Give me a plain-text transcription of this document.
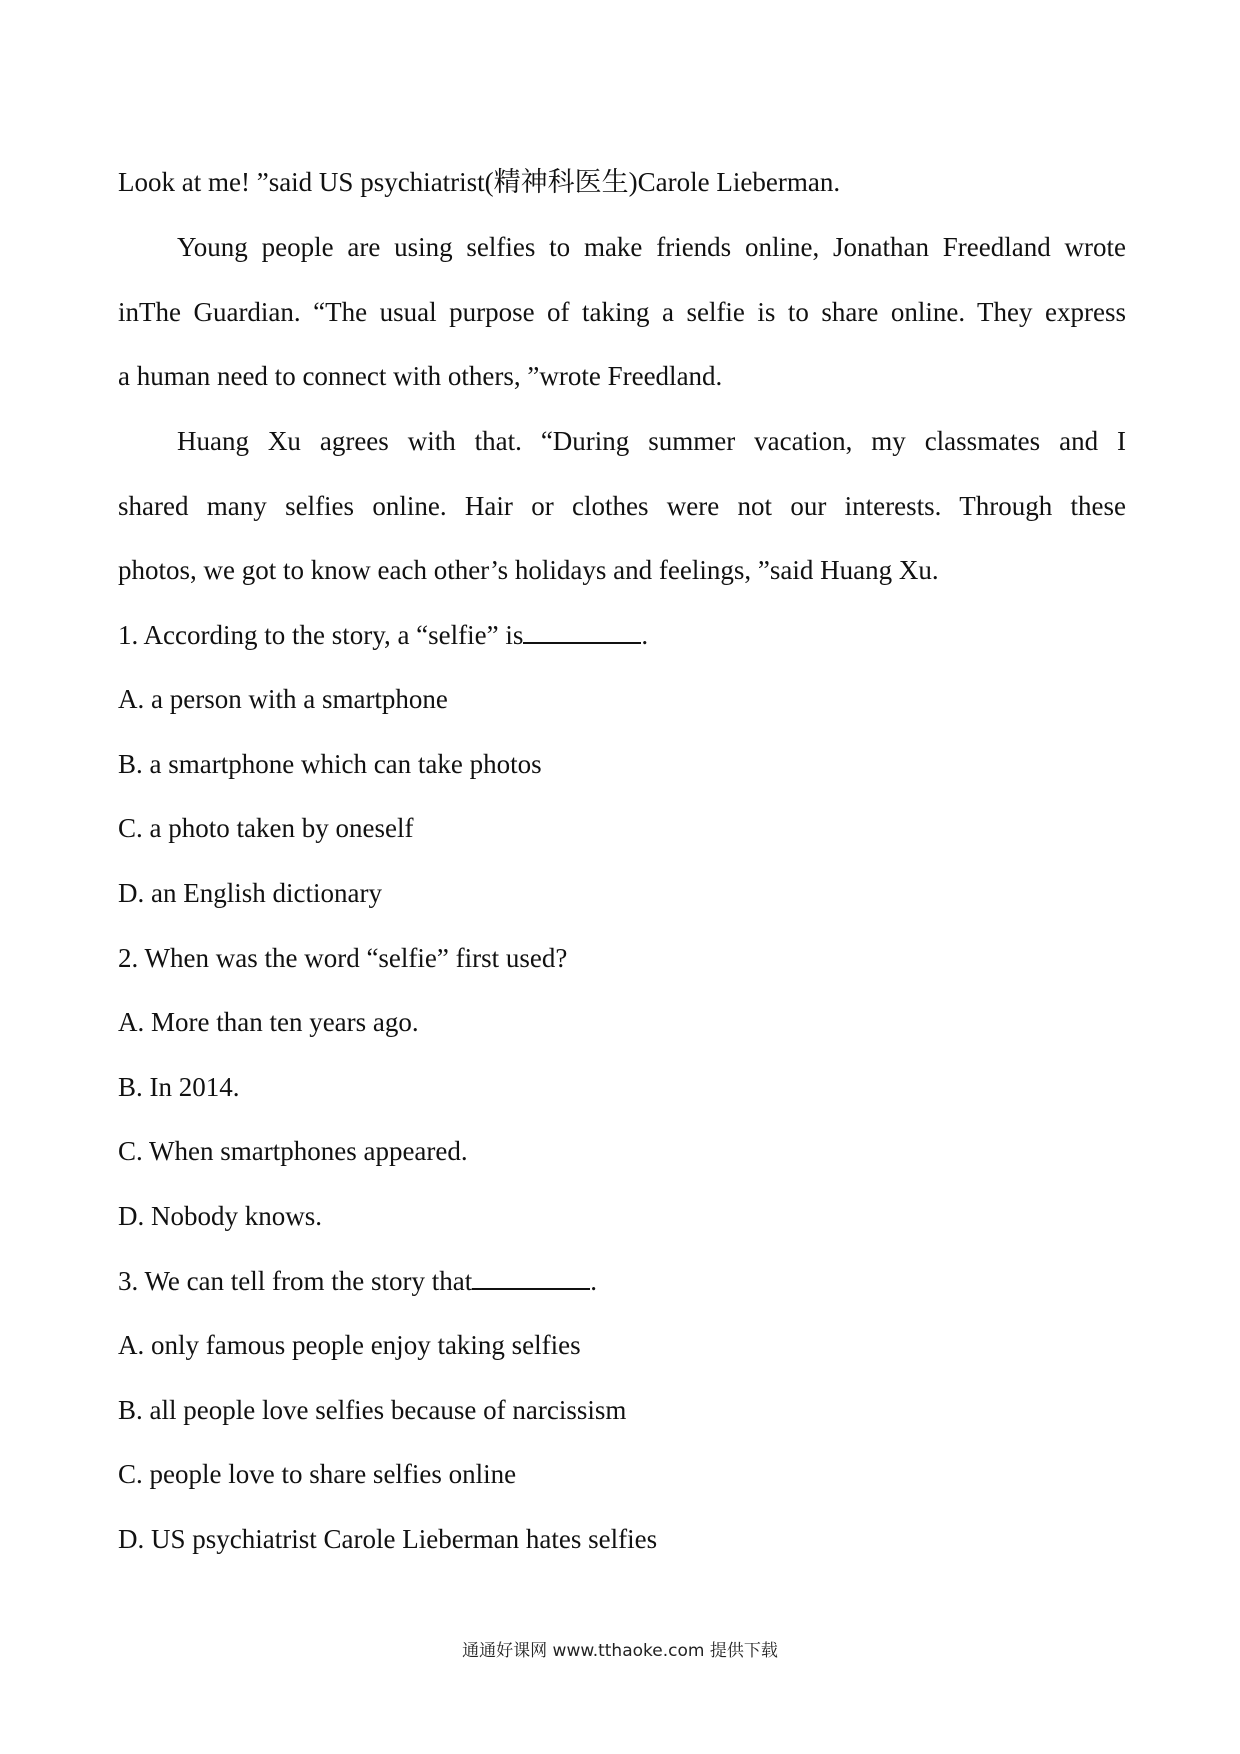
Look at me! ”said US psychiatrist(精神科医生)Carole Lieberman.
Young people are using selfies to make friends online, Jonathan Freedland wrote
inThe Guardian. “The usual purpose of taking a selfie is to share online. They express
a human need to connect with others, ”wrote Freedland.
Huang Xu agrees with that. “During summer vacation, my classmates and I
shared many selfies online. Hair or clothes were not our interests. Through these
photos, we got to know each other’s holidays and feelings, ”said Huang Xu.
1. According to the story, a “selfie” is	.
A. a person with a smartphone
B. a smartphone which can take photos
C. a photo taken by oneself
D. an English dictionary
2. When was the word “selfie” first used?
A. More than ten years ago.
B. In 2014.
C. When smartphones appeared.
D. Nobody knows.
3. We can tell from the story that	.
A. only famous people enjoy taking selfies
B. all people love selfies because of narcissism
C. people love to share selfies online
D. US psychiatrist Carole Lieberman hates selfies
通通好课网 www.tthaoke.com 提供下载
